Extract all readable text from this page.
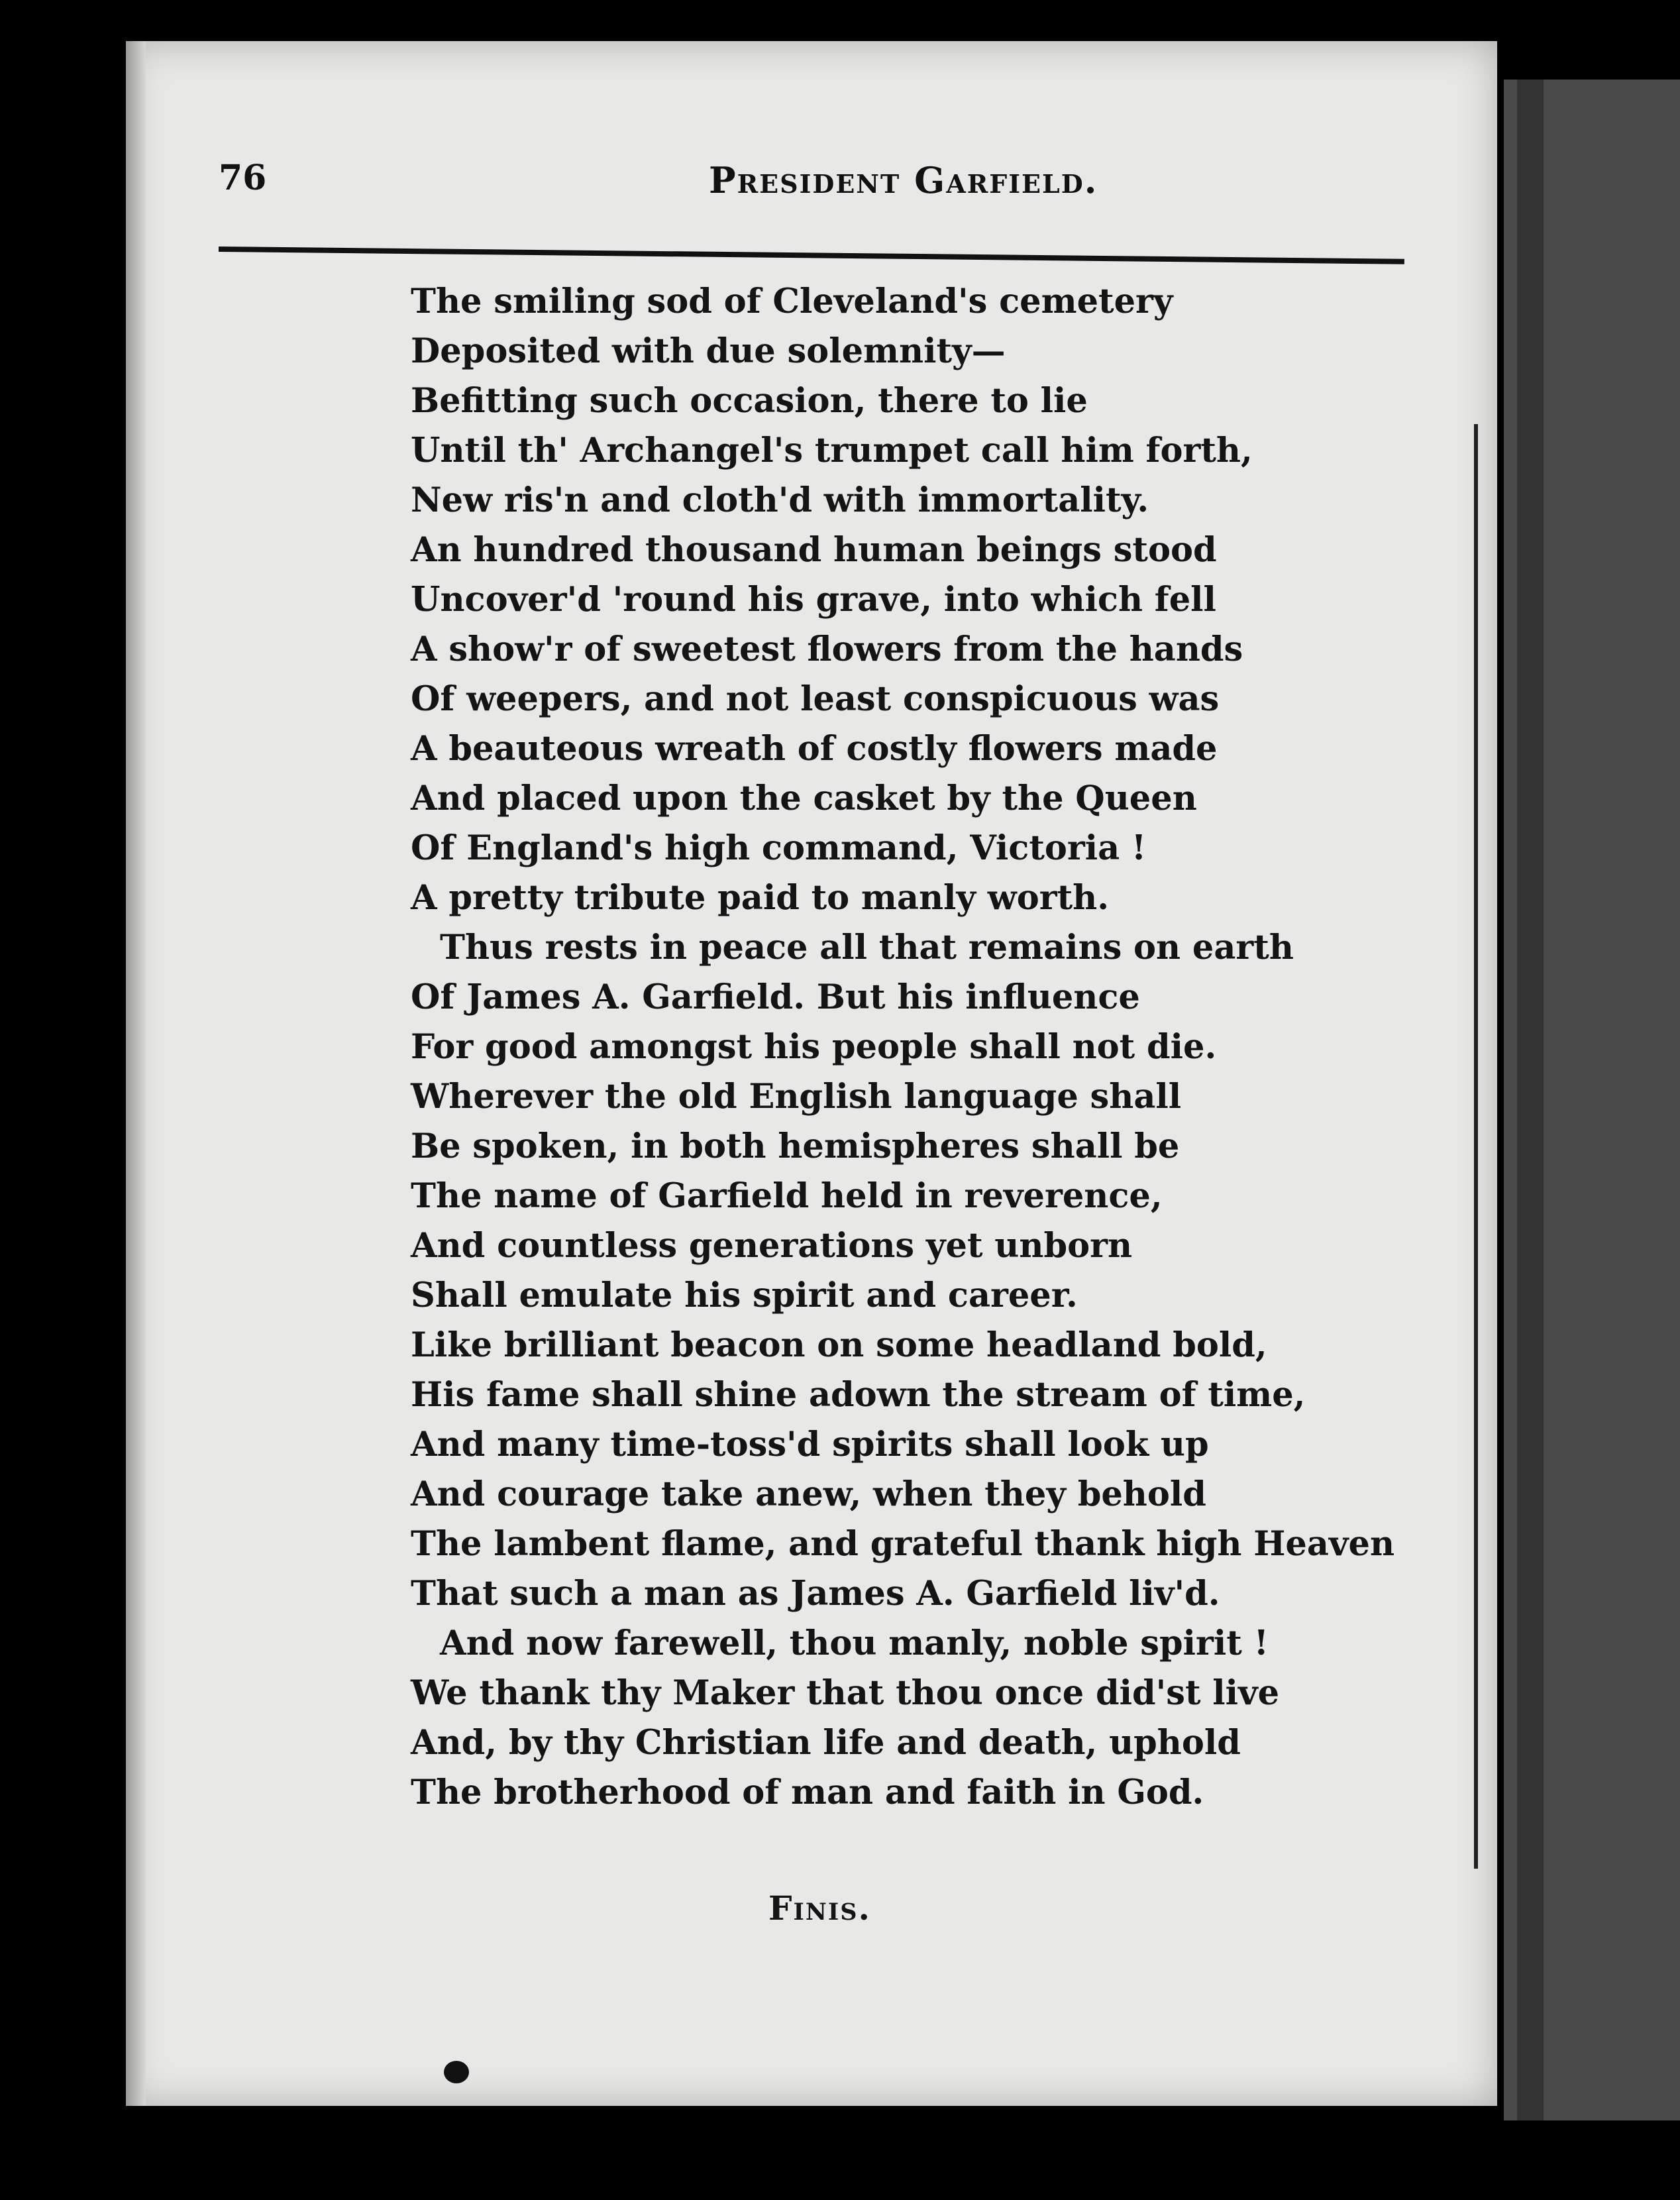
76	President Garfield.
The smiling sod of Cleveland's cemetery
Deposited with due solemnity—
Befitting such occasion, there to lie
Until th' Archangel's trumpet call him forth,
New ris'n and cloth'd with immortality.
An hundred thousand human beings stood
Uncover'd 'round his grave, into which fell
A show'r of sweetest flowers from the hands
Of weepers, and not least conspicuous was
A beauteous wreath of costly flowers made
And placed upon the casket by the Queen
Of England's high command, Victoria !
A pretty tribute paid to manly worth.
Thus rests in peace all that remains on earth
Of James A. Garfield. But his influence
For good amongst his people shall not die.
Wherever the old English language shall
Be spoken, in both hemispheres shall be
The name of Garfield held in reverence,
And countless generations yet unborn
Shall emulate his spirit and career.
Like brilliant beacon on some headland bold,
His fame shall shine adown the stream of time,
And many time-toss'd spirits shall look up
And courage take anew, when they behold
The lambent flame, and grateful thank high Heaven
That such a man as James A. Garfield liv'd.
And now farewell, thou manly, noble spirit !
We thank thy Maker that thou once did'st live
And, by thy Christian life and death, uphold
The brotherhood of man and faith in God.
Finis.
